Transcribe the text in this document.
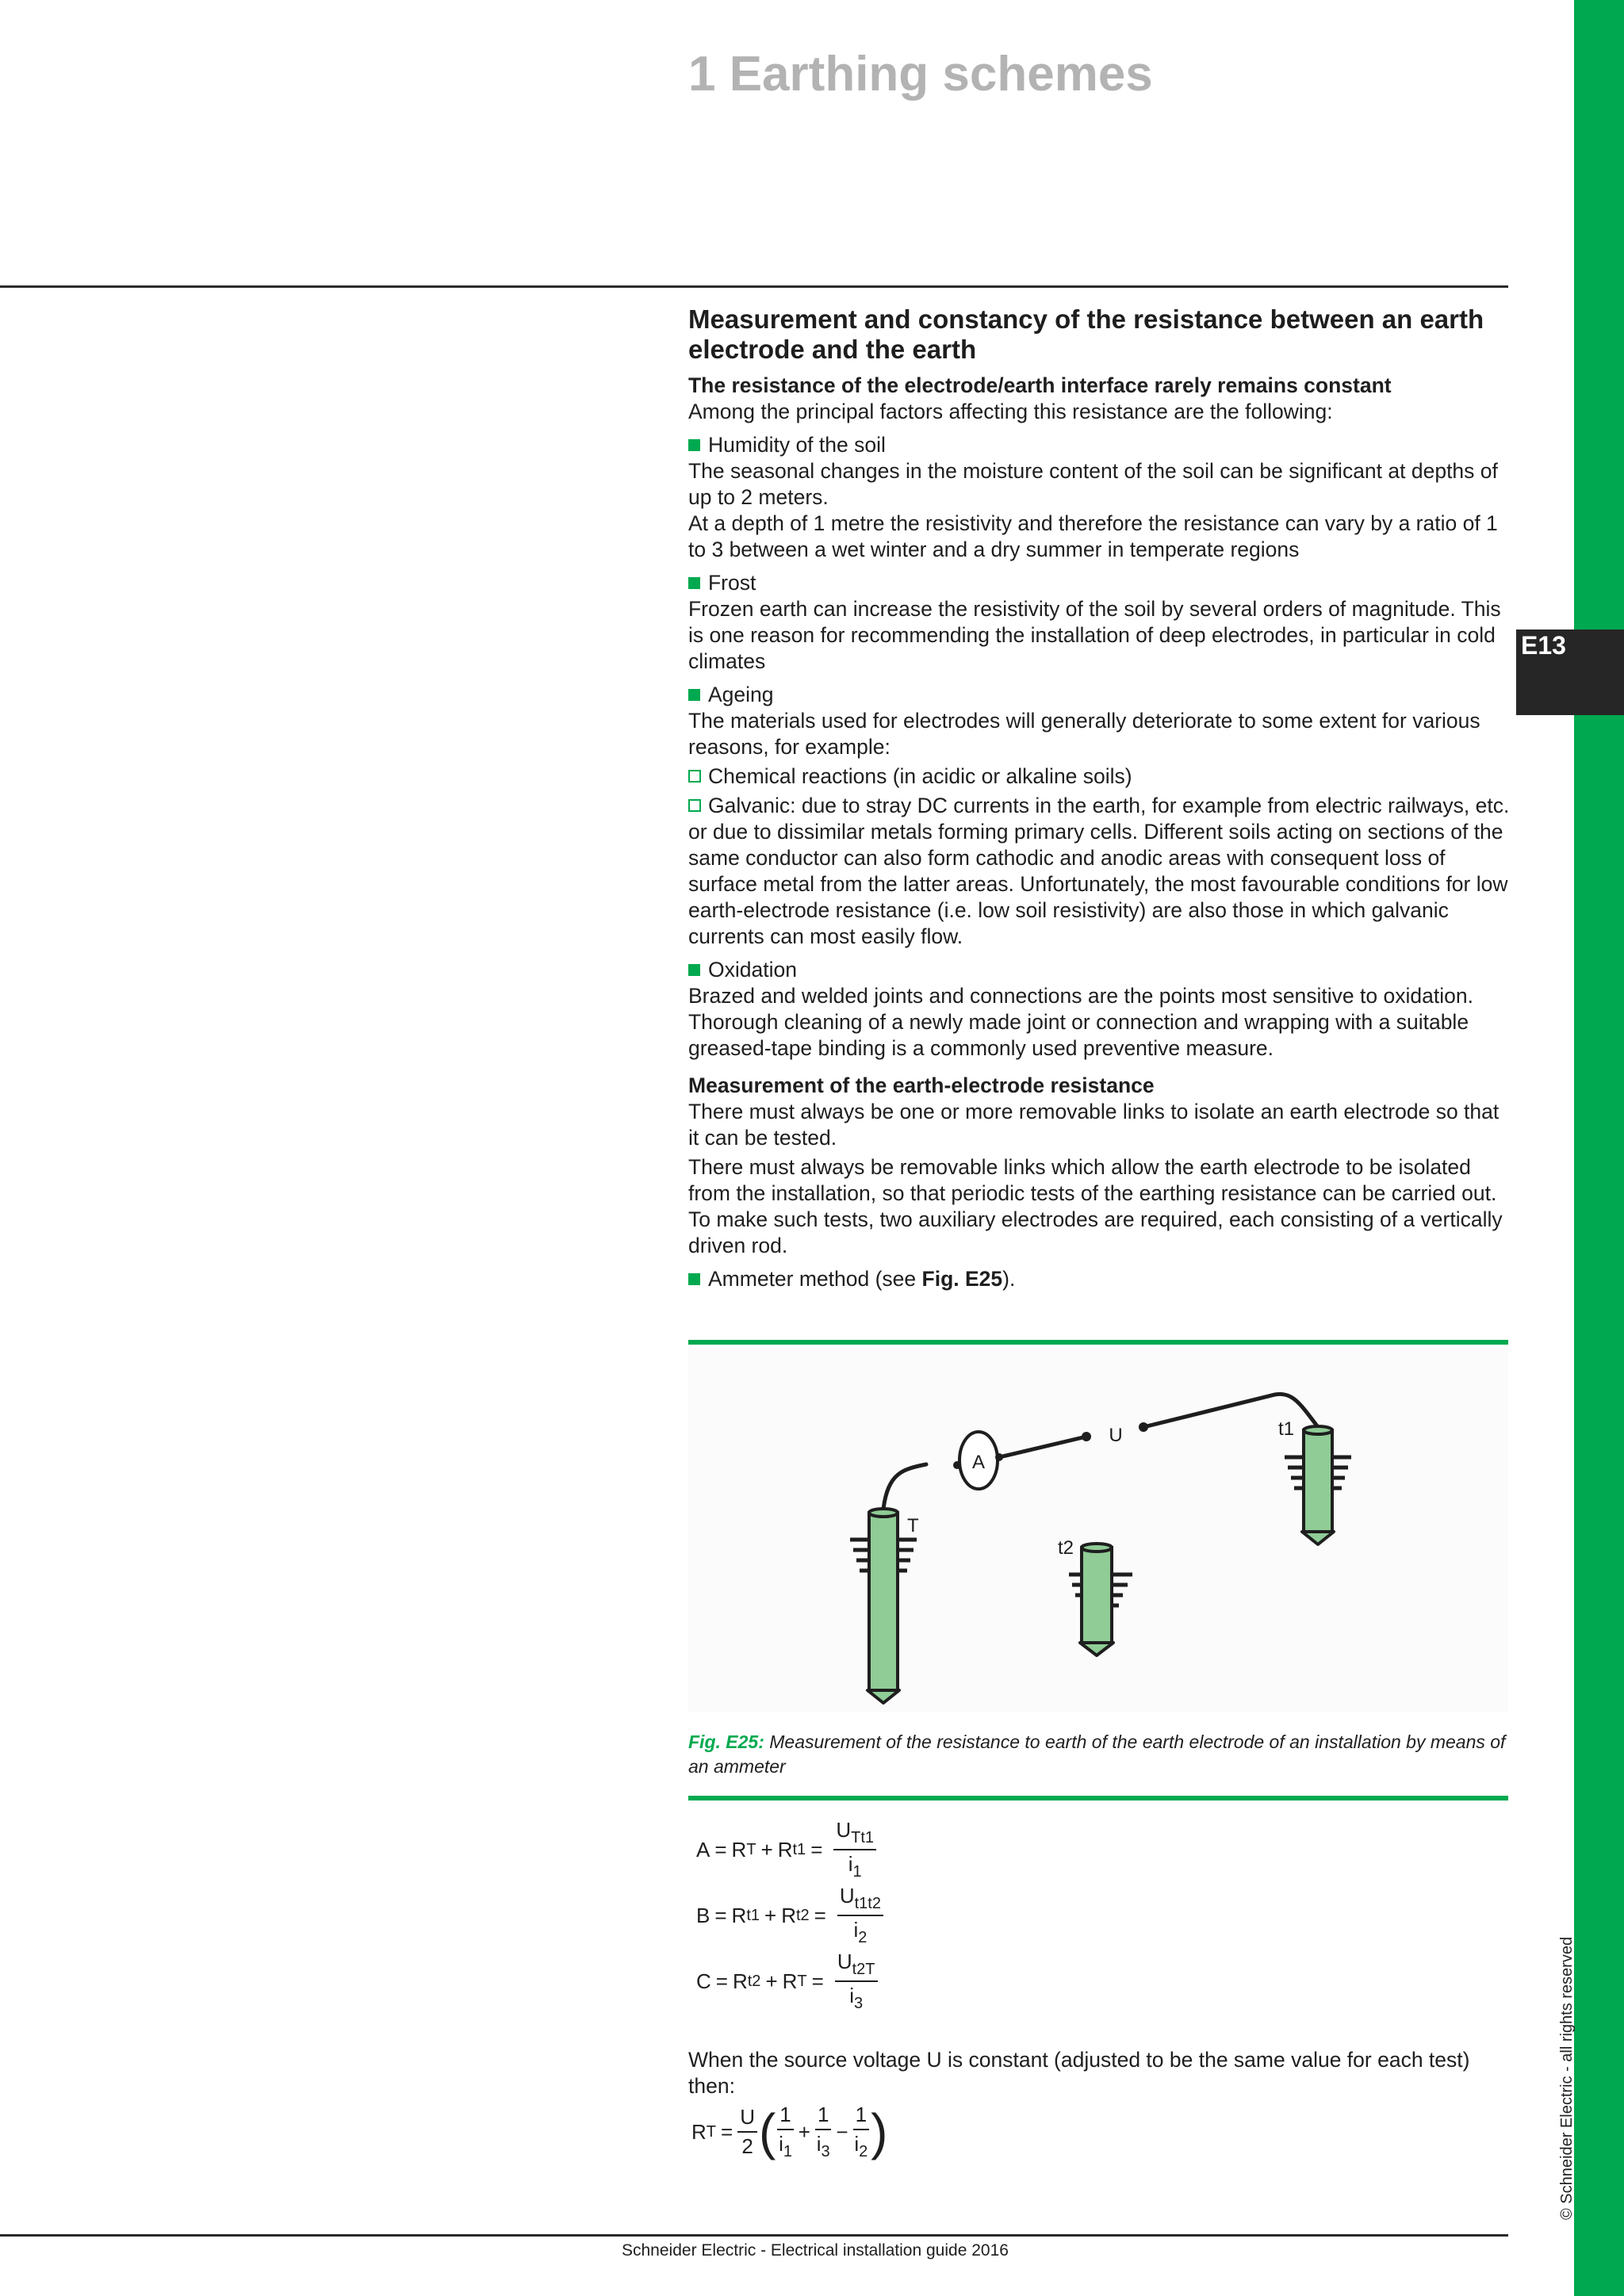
E13
© Schneider Electric - all rights reserved
1 Earthing schemes

Measurement and constancy of the resistance between an earth electrode and the earth

The resistance of the electrode/earth interface rarely remains constant

Among the principal factors affecting this resistance are the following:

Humidity of the soil

The seasonal changes in the moisture content of the soil can be significant at depths of up to 2 meters.

At a depth of 1 metre the resistivity and therefore the resistance can vary by a ratio of 1 to 3 between a wet winter and a dry summer in temperate regions

Frost

Frozen earth can increase the resistivity of the soil by several orders of magnitude. This is one reason for recommending the installation of deep electrodes, in particular in cold climates

Ageing

The materials used for electrodes will generally deteriorate to some extent for various reasons, for example:

Chemical reactions (in acidic or alkaline soils)

Galvanic: due to stray DC currents in the earth, for example from electric railways, etc. or due to dissimilar metals forming primary cells. Different soils acting on sections of the same conductor can also form cathodic and anodic areas with consequent loss of surface metal from the latter areas. Unfortunately, the most favourable conditions for low earth-electrode resistance (i.e. low soil resistivity) are also those in which galvanic currents can most easily flow.

Oxidation

Brazed and welded joints and connections are the points most sensitive to oxidation. Thorough cleaning of a newly made joint or connection and wrapping with a suitable greased-tape binding is a commonly used preventive measure.

Measurement of the earth-electrode resistance

There must always be one or more removable links to isolate an earth electrode so that it can be tested.

There must always be removable links which allow the earth electrode to be isolated from the installation, so that periodic tests of the earthing resistance can be carried out. To make such tests, two auxiliary electrodes are required, each consisting of a vertically driven rod.

Ammeter method (see Fig. E25).

A
U
T
t2
t1
Fig. E25: Measurement of the resistance to earth of the earth electrode of an installation by means of an ammeter
A = R T + R $t1 = \frac{U_{Tt1}}{i_1}$
B = R t1 + R $t2 = \frac{U_{t1t2}}{i_2}$
C = R t2 + R $T = \frac{U_{t2T}}{i_3}$

When the source voltage U is constant (adjusted to be the same value for each test) then:

R $T = \frac{U}{2}$ ( $\frac{1}{i_1} + \frac{1}{i_3} - \frac{1}{i_2}$ )
Schneider Electric - Electrical installation guide 2016
